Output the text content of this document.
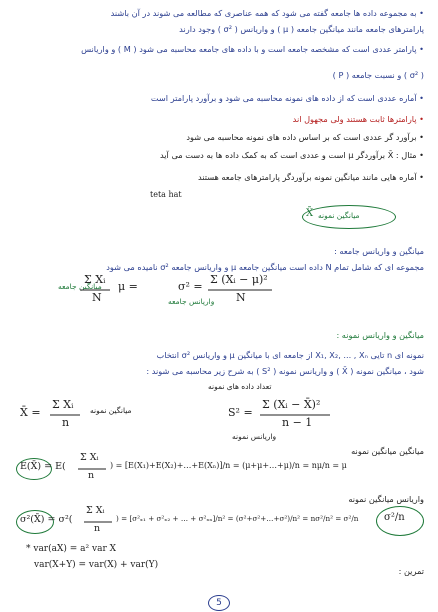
• به مجموعه داده ها جامعه گفته می شود که همه عناصری که مطالعه می شوند در آن باشند
پارامترهای جامعه مانند میانگین جامعه ( μ ) و واریانس ( σ² ) وجود دارند
• پارامتر عددی است که مشخصه جامعه است و با داده های جامعه محاسبه می شود ( M ) و واریانس
( σ² ) و نسبت جامعه ( P )
• آماره عددی است که از داده های نمونه محاسبه می شود و برآورد پارامتر است
• پارامترها ثابت هستند ولی مجهول اند
• برآورد گر عددی است که بر اساس داده های نمونه محاسبه می شود
• مثال : X̄ برآوردگر μ است و عددی است که به کمک داده ها به دست می آید
• آماره هایی مانند میانگین نمونه برآوردگر پارامترهای جامعه هستند
teta hat
میانگین نمونه
X̄
میانگین و واریانس جامعه :
مجموعه ای که شامل تمام N داده است میانگین جامعه μ و واریانس جامعه σ² نامیده می شود
میانگین جامعه μ =
Σ Xᵢ
N
σ² =
Σ (Xᵢ − μ)²
N
واریانس جامعه
میانگین و واریانس نمونه :
نمونه ای n تایی X₁, X₂, ... , Xₙ از جامعه ای با میانگین μ و واریانس σ² انتخاب
شود ، میانگین نمونه ( X̄ ) و واریانس نمونه ( S² ) به شرح زیر محاسبه می شوند :
تعداد داده های نمونه
X̄ =
Σ Xᵢ
n
میانگین نمونه	S² =
Σ (Xᵢ − X̄)²
n − 1
واریانس نمونه
میانگین میانگین نمونه
E(X̄) = E(
Σ Xᵢ
n
) = [E(X₁)+E(X₂)+…+E(Xₙ)]/n = (μ+μ+…+μ)/n = nμ/n = μ
واریانس میانگین نمونه
σ²(X̄) = σ²(
Σ Xᵢ
n
) = [σ²ₓ₁ + σ²ₓ₂ + … + σ²ₓₙ]/n² = (σ²+σ²+…+σ²)/n² = nσ²/n² = σ²/n	σ²/n
* var(aX) = a² var X
var(X+Y) = var(X) + var(Y)
تمرین :
5
